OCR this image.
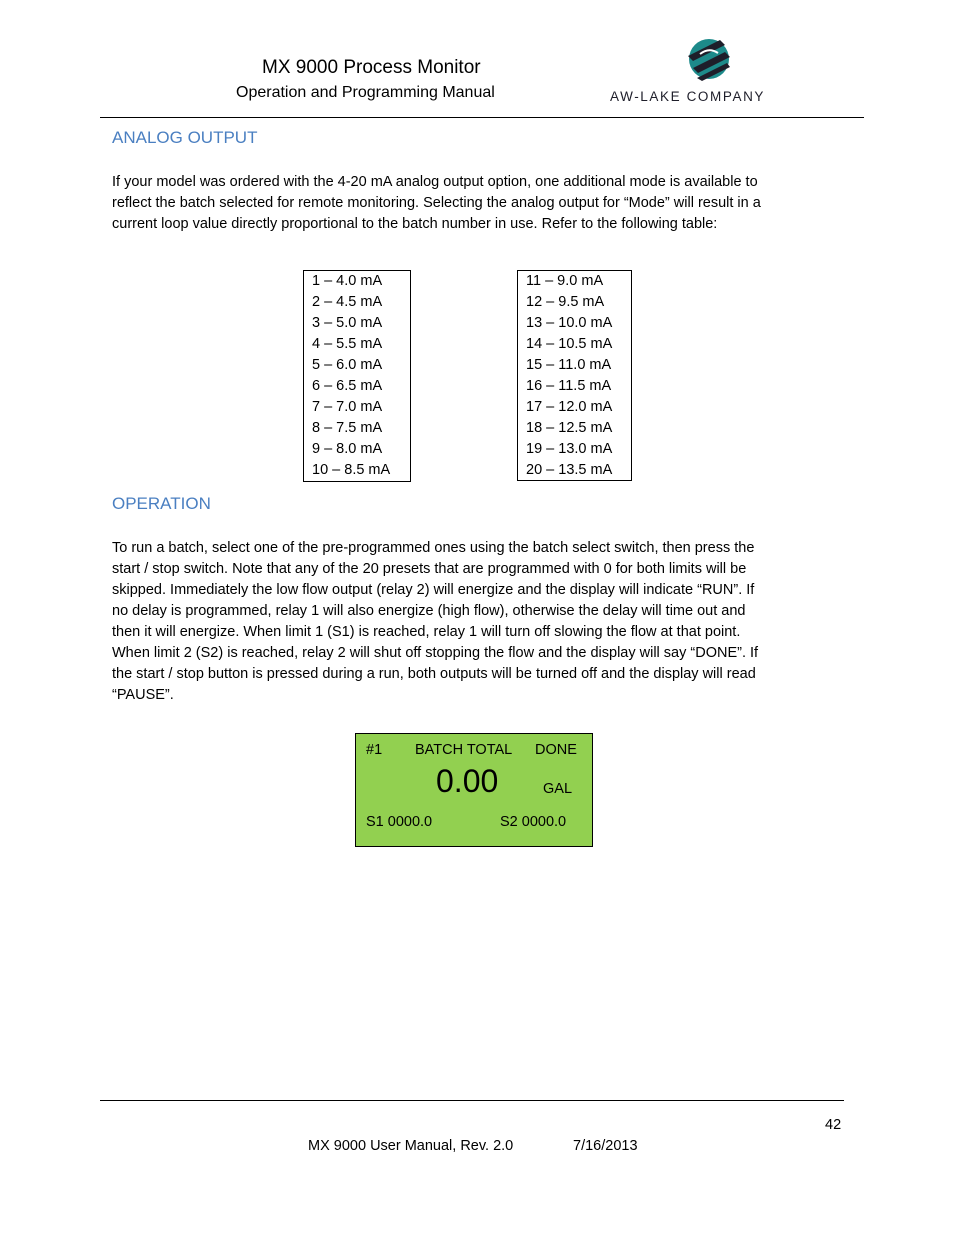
MX 9000 Process Monitor
Operation and Programming Manual	AW-LAKE COMPANY
ANALOG OUTPUT
If your model was ordered with the 4-20 mA analog output option, one additional mode is available to
reflect the batch selected for remote monitoring. Selecting the analog output for “Mode” will result in a
current loop value directly proportional to the batch number in use. Refer to the following table:
1 – 4.0 mA
2 – 4.5 mA
3 – 5.0 mA
4 – 5.5 mA
5 – 6.0 mA
6 – 6.5 mA
7 – 7.0 mA
8 – 7.5 mA
9 – 8.0 mA
10 – 8.5 mA
11 – 9.0 mA
12 – 9.5 mA
13 – 10.0 mA
14 – 10.5 mA
15 – 11.0 mA
16 – 11.5 mA
17 – 12.0 mA
18 – 12.5 mA
19 – 13.0 mA
20 – 13.5 mA
OPERATION
To run a batch, select one of the pre-programmed ones using the batch select switch, then press the
start / stop switch. Note that any of the 20 presets that are programmed with 0 for both limits will be
skipped. Immediately the low flow output (relay 2) will energize and the display will indicate “RUN”. If
no delay is programmed, relay 1 will also energize (high flow), otherwise the delay will time out and
then it will energize. When limit 1 (S1) is reached, relay 1 will turn off slowing the flow at that point.
When limit 2 (S2) is reached, relay 2 will shut off stopping the flow and the display will say “DONE”. If
the start / stop button is pressed during a run, both outputs will be turned off and the display will read
“PAUSE”.
#1 BATCH TOTAL DONE
0.00	GAL
S1 0000.0	S2 0000.0
42
MX 9000 User Manual, Rev. 2.0	7/16/2013
